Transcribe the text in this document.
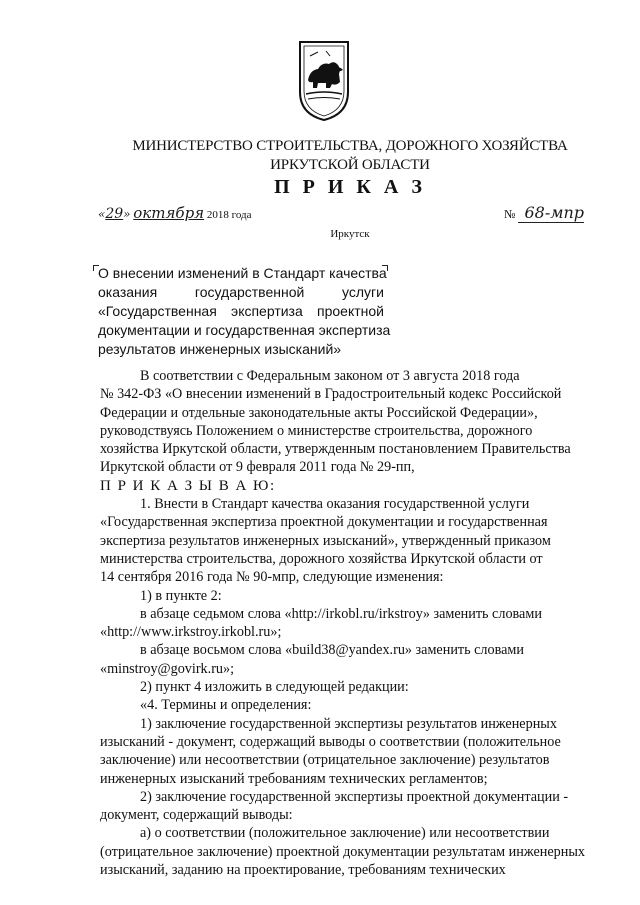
МИНИСТЕРСТВО СТРОИТЕЛЬСТВА, ДОРОЖНОГО ХОЗЯЙСТВА
ИРКУТСКОЙ ОБЛАСТИ
П Р И К А З
«29» октября 2018 года	№ 68-мпр
Иркутск
О внесении изменений в Стандарт качества
оказания	государственной	услуги
«Государственная экспертиза проектной
документации и государственная экспертиза
результатов инженерных изысканий»
В соответствии с Федеральным законом от 3 августа 2018 года
№ 342-ФЗ «О внесении изменений в Градостроительный кодекс Российской
Федерации и отдельные законодательные акты Российской Федерации»,
руководствуясь Положением о министерстве строительства, дорожного
хозяйства Иркутской области, утвержденным постановлением Правительства
Иркутской области от 9 февраля 2011 года № 29-пп,
П Р И К А З Ы В А Ю:
1. Внести в Стандарт качества оказания государственной услуги
«Государственная экспертиза проектной документации и государственная
экспертиза результатов инженерных изысканий», утвержденный приказом
министерства строительства, дорожного хозяйства Иркутской области от
14 сентября 2016 года № 90-мпр, следующие изменения:
1) в пункте 2:
в абзаце седьмом слова «http://irkobl.ru/irkstroy» заменить словами
«http://www.irkstroy.irkobl.ru»;
в абзаце восьмом слова «build38@yandex.ru» заменить словами
«minstroy@govirk.ru»;
2) пункт 4 изложить в следующей редакции:
«4. Термины и определения:
1) заключение государственной экспертизы результатов инженерных
изысканий - документ, содержащий выводы о соответствии (положительное
заключение) или несоответствии (отрицательное заключение) результатов
инженерных изысканий требованиям технических регламентов;
2) заключение государственной экспертизы проектной документации -
документ, содержащий выводы:
а) о соответствии (положительное заключение) или несоответствии
(отрицательное заключение) проектной документации результатам инженерных
изысканий, заданию на проектирование, требованиям технических
